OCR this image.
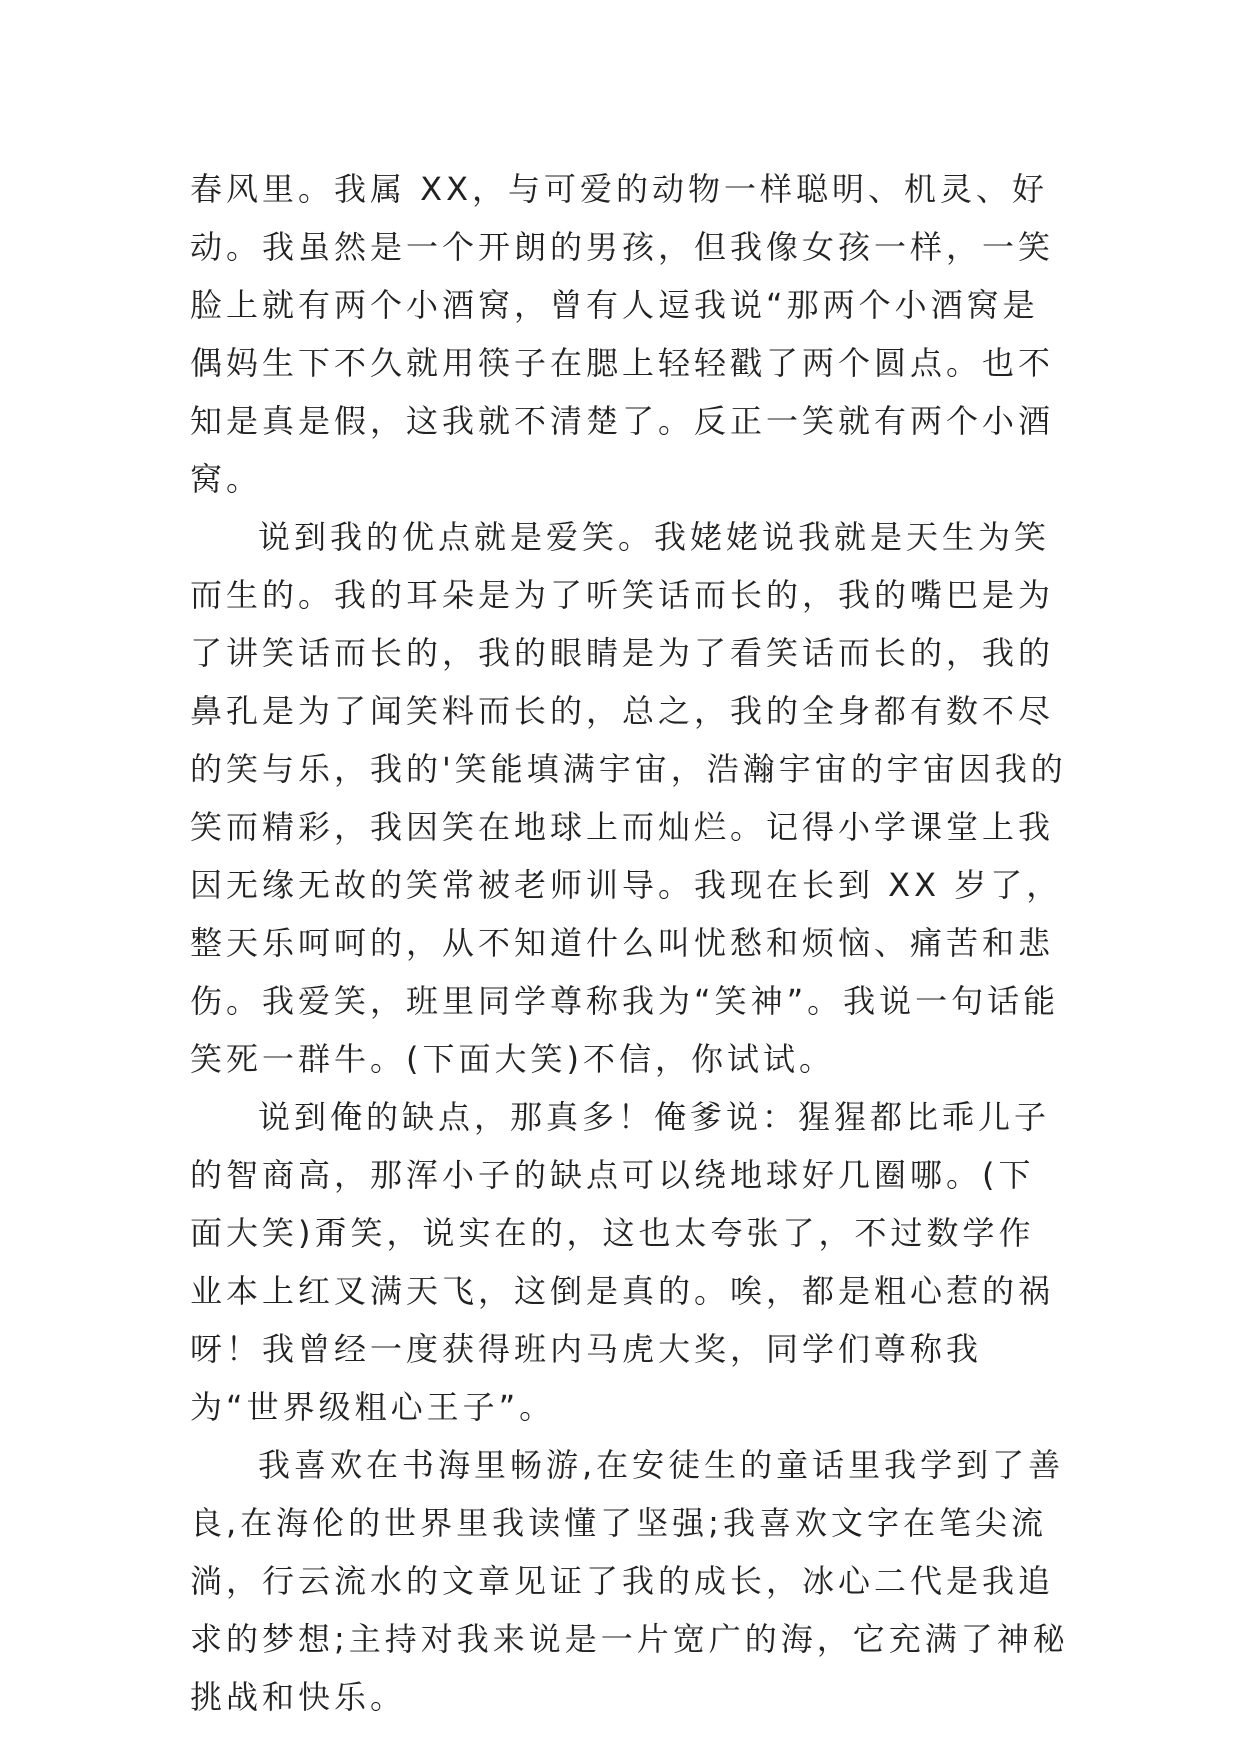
春风里。我属 XX，与可爱的动物一样聪明、机灵、好动。我虽然是一个开朗的男孩，但我像女孩一样，一笑脸上就有两个小酒窝，曾有人逗我说“那两个小酒窝是偶妈生下不久就用筷子在腮上轻轻戳了两个圆点。也不知是真是假，这我就不清楚了。反正一笑就有两个小酒窝。

说到我的优点就是爱笑。我姥姥说我就是天生为笑而生的。我的耳朵是为了听笑话而长的，我的嘴巴是为了讲笑话而长的，我的眼睛是为了看笑话而长的，我的鼻孔是为了闻笑料而长的，总之，我的全身都有数不尽的笑与乐，我的'笑能填满宇宙，浩瀚宇宙的宇宙因我的笑而精彩，我因笑在地球上而灿烂。记得小学课堂上我因无缘无故的笑常被老师训导。我现在长到 XX 岁了，整天乐呵呵的，从不知道什么叫忧愁和烦恼、痛苦和悲伤。我爱笑，班里同学尊称我为“笑神”。我说一句话能笑死一群牛。(下面大笑)不信，你试试。

说到俺的缺点，那真多！俺爹说：猩猩都比乖儿子的智商高，那浑小子的缺点可以绕地球好几圈哪。(下面大笑)甭笑，说实在的，这也太夸张了，不过数学作业本上红叉满天飞，这倒是真的。唉，都是粗心惹的祸呀！我曾经一度获得班内马虎大奖，同学们尊称我为“世界级粗心王子”。

我喜欢在书海里畅游,在安徒生的童话里我学到了善良,在海伦的世界里我读懂了坚强;我喜欢文字在笔尖流淌，行云流水的文章见证了我的成长，冰心二代是我追求的梦想;主持对我来说是一片宽广的海，它充满了神秘挑战和快乐。
